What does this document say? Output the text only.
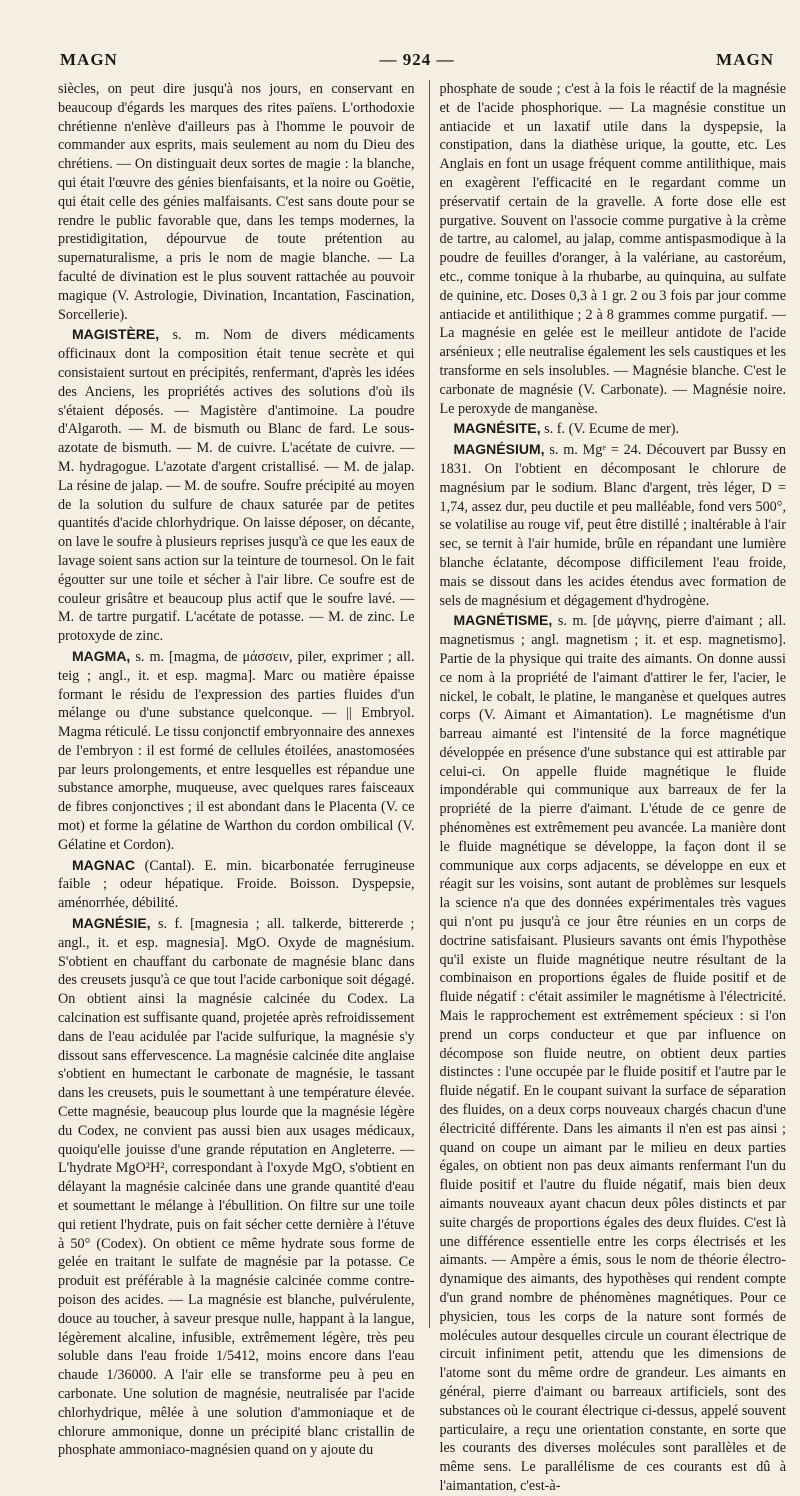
MAGN	— 924 —	MAGN

siècles, on peut dire jusqu'à nos jours, en conservant en beaucoup d'égards les marques des rites païens. L'orthodoxie chrétienne n'enlève d'ailleurs pas à l'homme le pouvoir de commander aux esprits, mais seulement au nom du Dieu des chrétiens. — On distinguait deux sortes de magie : la blanche, qui était l'œuvre des génies bienfaisants, et la noire ou Goëtie, qui était celle des génies malfaisants. C'est sans doute pour se rendre le public favorable que, dans les temps modernes, la prestidigitation, dépourvue de toute prétention au supernaturalisme, a pris le nom de magie blanche. — La faculté de divination est le plus souvent rattachée au pouvoir magique (V. Astrologie, Divination, Incantation, Fascination, Sorcellerie).

MAGISTÈRE, s. m. Nom de divers médicaments officinaux dont la composition était tenue secrète et qui consistaient surtout en précipités, renfermant, d'après les idées des Anciens, les propriétés actives des solutions d'où ils s'étaient déposés. — Magistère d'antimoine. La poudre d'Algaroth. — M. de bismuth ou Blanc de fard. Le sous-azotate de bismuth. — M. de cuivre. L'acétate de cuivre. — M. hydragogue. L'azotate d'argent cristallisé. — M. de jalap. La résine de jalap. — M. de soufre. Soufre précipité au moyen de la solution du sulfure de chaux saturée par de petites quantités d'acide chlorhydrique. On laisse déposer, on décante, on lave le soufre à plusieurs reprises jusqu'à ce que les eaux de lavage soient sans action sur la teinture de tournesol. On le fait égoutter sur une toile et sécher à l'air libre. Ce soufre est de couleur grisâtre et beaucoup plus actif que le soufre lavé. — M. de tartre purgatif. L'acétate de potasse. — M. de zinc. Le protoxyde de zinc.

MAGMA, s. m. [magma, de μάσσειν, piler, exprimer ; all. teig ; angl., it. et esp. magma]. Marc ou matière épaisse formant le résidu de l'expression des parties fluides d'un mélange ou d'une substance quelconque. — || Embryol. Magma réticulé. Le tissu conjonctif embryonnaire des annexes de l'embryon : il est formé de cellules étoilées, anastomosées par leurs prolongements, et entre lesquelles est répandue une substance amorphe, muqueuse, avec quelques rares faisceaux de fibres conjonctives ; il est abondant dans le Placenta (V. ce mot) et forme la gélatine de Warthon du cordon ombilical (V. Gélatine et Cordon).

MAGNAC (Cantal). E. min. bicarbonatée ferrugineuse faible ; odeur hépatique. Froide. Boisson. Dyspepsie, aménorrhée, débilité.

MAGNÉSIE, s. f. [magnesia ; all. talkerde, bittererde ; angl., it. et esp. magnesia]. MgO. Oxyde de magnésium. S'obtient en chauffant du carbonate de magnésie blanc dans des creusets jusqu'à ce que tout l'acide carbonique soit dégagé. On obtient ainsi la magnésie calcinée du Codex. La calcination est suffisante quand, projetée après refroidissement dans de l'eau acidulée par l'acide sulfurique, la magnésie s'y dissout sans effervescence. La magnésie calcinée dite anglaise s'obtient en humectant le carbonate de magnésie, le tassant dans les creusets, puis le soumettant à une température élevée. Cette magnésie, beaucoup plus lourde que la magnésie légère du Codex, ne convient pas aussi bien aux usages médicaux, quoiqu'elle jouisse d'une grande réputation en Angleterre. — L'hydrate MgO²H², correspondant à l'oxyde MgO, s'obtient en délayant la magnésie calcinée dans une grande quantité d'eau et soumettant le mélange à l'ébullition. On filtre sur une toile qui retient l'hydrate, puis on fait sécher cette dernière à l'étuve à 50° (Codex). On obtient ce même hydrate sous forme de gelée en traitant le sulfate de magnésie par la potasse. Ce produit est préférable à la magnésie calcinée comme contre-poison des acides. — La magnésie est blanche, pulvérulente, douce au toucher, à saveur presque nulle, happant à la langue, légèrement alcaline, infusible, extrêmement légère, très peu soluble dans l'eau froide 1/5412, moins encore dans l'eau chaude 1/36000. A l'air elle se transforme peu à peu en carbonate. Une solution de magnésie, neutralisée par l'acide chlorhydrique, mêlée à une solution d'ammoniaque et de chlorure ammonique, donne un précipité blanc cristallin de phosphate ammoniaco-magnésien quand on y ajoute du

phosphate de soude ; c'est à la fois le réactif de la magnésie et de l'acide phosphorique. — La magnésie constitue un antiacide et un laxatif utile dans la dyspepsie, la constipation, dans la diathèse urique, la goutte, etc. Les Anglais en font un usage fréquent comme antilithique, mais en exagèrent l'efficacité en le regardant comme un préservatif certain de la gravelle. A forte dose elle est purgative. Souvent on l'associe comme purgative à la crème de tartre, au calomel, au jalap, comme antispasmodique à la poudre de feuilles d'oranger, à la valériane, au castoréum, etc., comme tonique à la rhubarbe, au quinquina, au sulfate de quinine, etc. Doses 0,3 à 1 gr. 2 ou 3 fois par jour comme antiacide et antilithique ; 2 à 8 grammes comme purgatif. — La magnésie en gelée est le meilleur antidote de l'acide arsénieux ; elle neutralise également les sels caustiques et les transforme en sels insolubles. — Magnésie blanche. C'est le carbonate de magnésie (V. Carbonate). — Magnésie noire. Le peroxyde de manganèse.

MAGNÉSITE, s. f. (V. Ecume de mer).

MAGNÉSIUM, s. m. Mgᵉ = 24. Découvert par Bussy en 1831. On l'obtient en décomposant le chlorure de magnésium par le sodium. Blanc d'argent, très léger, D = 1,74, assez dur, peu ductile et peu malléable, fond vers 500°, se volatilise au rouge vif, peut être distillé ; inaltérable à l'air sec, se ternit à l'air humide, brûle en répandant une lumière blanche éclatante, décompose difficilement l'eau froide, mais se dissout dans les acides étendus avec formation de sels de magnésium et dégagement d'hydrogène.

MAGNÉTISME, s. m. [de μάγνης, pierre d'aimant ; all. magnetismus ; angl. magnetism ; it. et esp. magnetismo]. Partie de la physique qui traite des aimants. On donne aussi ce nom à la propriété de l'aimant d'attirer le fer, l'acier, le nickel, le cobalt, le platine, le manganèse et quelques autres corps (V. Aimant et Aimantation). Le magnétisme d'un barreau aimanté est l'intensité de la force magnétique développée en présence d'une substance qui est attirable par celui-ci. On appelle fluide magnétique le fluide impondérable qui communique aux barreaux de fer la propriété de la pierre d'aimant. L'étude de ce genre de phénomènes est extrêmement peu avancée. La manière dont le fluide magnétique se développe, la façon dont il se communique aux corps adjacents, se développe en eux et réagit sur les voisins, sont autant de problèmes sur lesquels la science n'a que des données expérimentales très vagues qui n'ont pu jusqu'à ce jour être réunies en un corps de doctrine satisfaisant. Plusieurs savants ont émis l'hypothèse qu'il existe un fluide magnétique neutre résultant de la combinaison en proportions égales de fluide positif et de fluide négatif : c'était assimiler le magnétisme à l'électricité. Mais le rapprochement est extrêmement spécieux : si l'on prend un corps conducteur et que par influence on décompose son fluide neutre, on obtient deux parties distinctes : l'une occupée par le fluide positif et l'autre par le fluide négatif. En le coupant suivant la surface de séparation des fluides, on a deux corps nouveaux chargés chacun d'une électricité différente. Dans les aimants il n'en est pas ainsi ; quand on coupe un aimant par le milieu en deux parties égales, on obtient non pas deux aimants renfermant l'un du fluide positif et l'autre du fluide négatif, mais bien deux aimants nouveaux ayant chacun deux pôles distincts et par suite chargés de proportions égales des deux fluides. C'est là une différence essentielle entre les corps électrisés et les aimants. — Ampère a émis, sous le nom de théorie électro-dynamique des aimants, des hypothèses qui rendent compte d'un grand nombre de phénomènes magnétiques. Pour ce physicien, tous les corps de la nature sont formés de molécules autour desquelles circule un courant électrique de circuit infiniment petit, attendu que les dimensions de l'atome sont du même ordre de grandeur. Les aimants en général, pierre d'aimant ou barreaux artificiels, sont des substances où le courant électrique ci-dessus, appelé souvent particulaire, a reçu une orientation constante, en sorte que les courants des diverses molécules sont parallèles et de même sens. Le parallélisme de ces courants est dû à l'aimantation, c'est-à-
